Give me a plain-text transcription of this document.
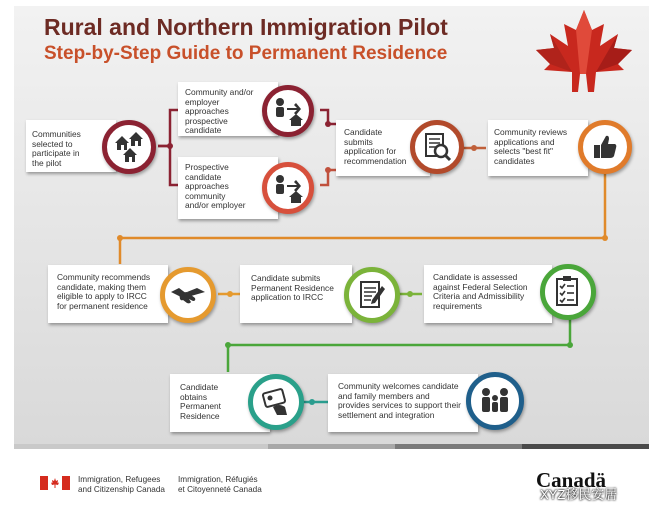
Rural and Northern Immigration Pilot
Step-by-Step Guide to Permanent Residence
Communities selected to participate in the pilot
Community and/or employer approaches prospective candidate
Prospective candidate approaches community and/or employer
Candidate submits application for recommendation
Community reviews applications and selects "best fit" candidates
Community recommends candidate, making them eligible to apply to IRCC for permanent residence
Candidate submits Permanent Residence application to IRCC
Candidate is assessed against Federal Selection Criteria and Admissibility requirements
Candidate obtains Permanent Residence
Community welcomes candidate and family members and provides services to support their settlement and integration
Immigration, Refugees
and Citizenship Canada
Immigration, Réfugiés
et Citoyenneté Canada	Canadä
XYZ移民安居
